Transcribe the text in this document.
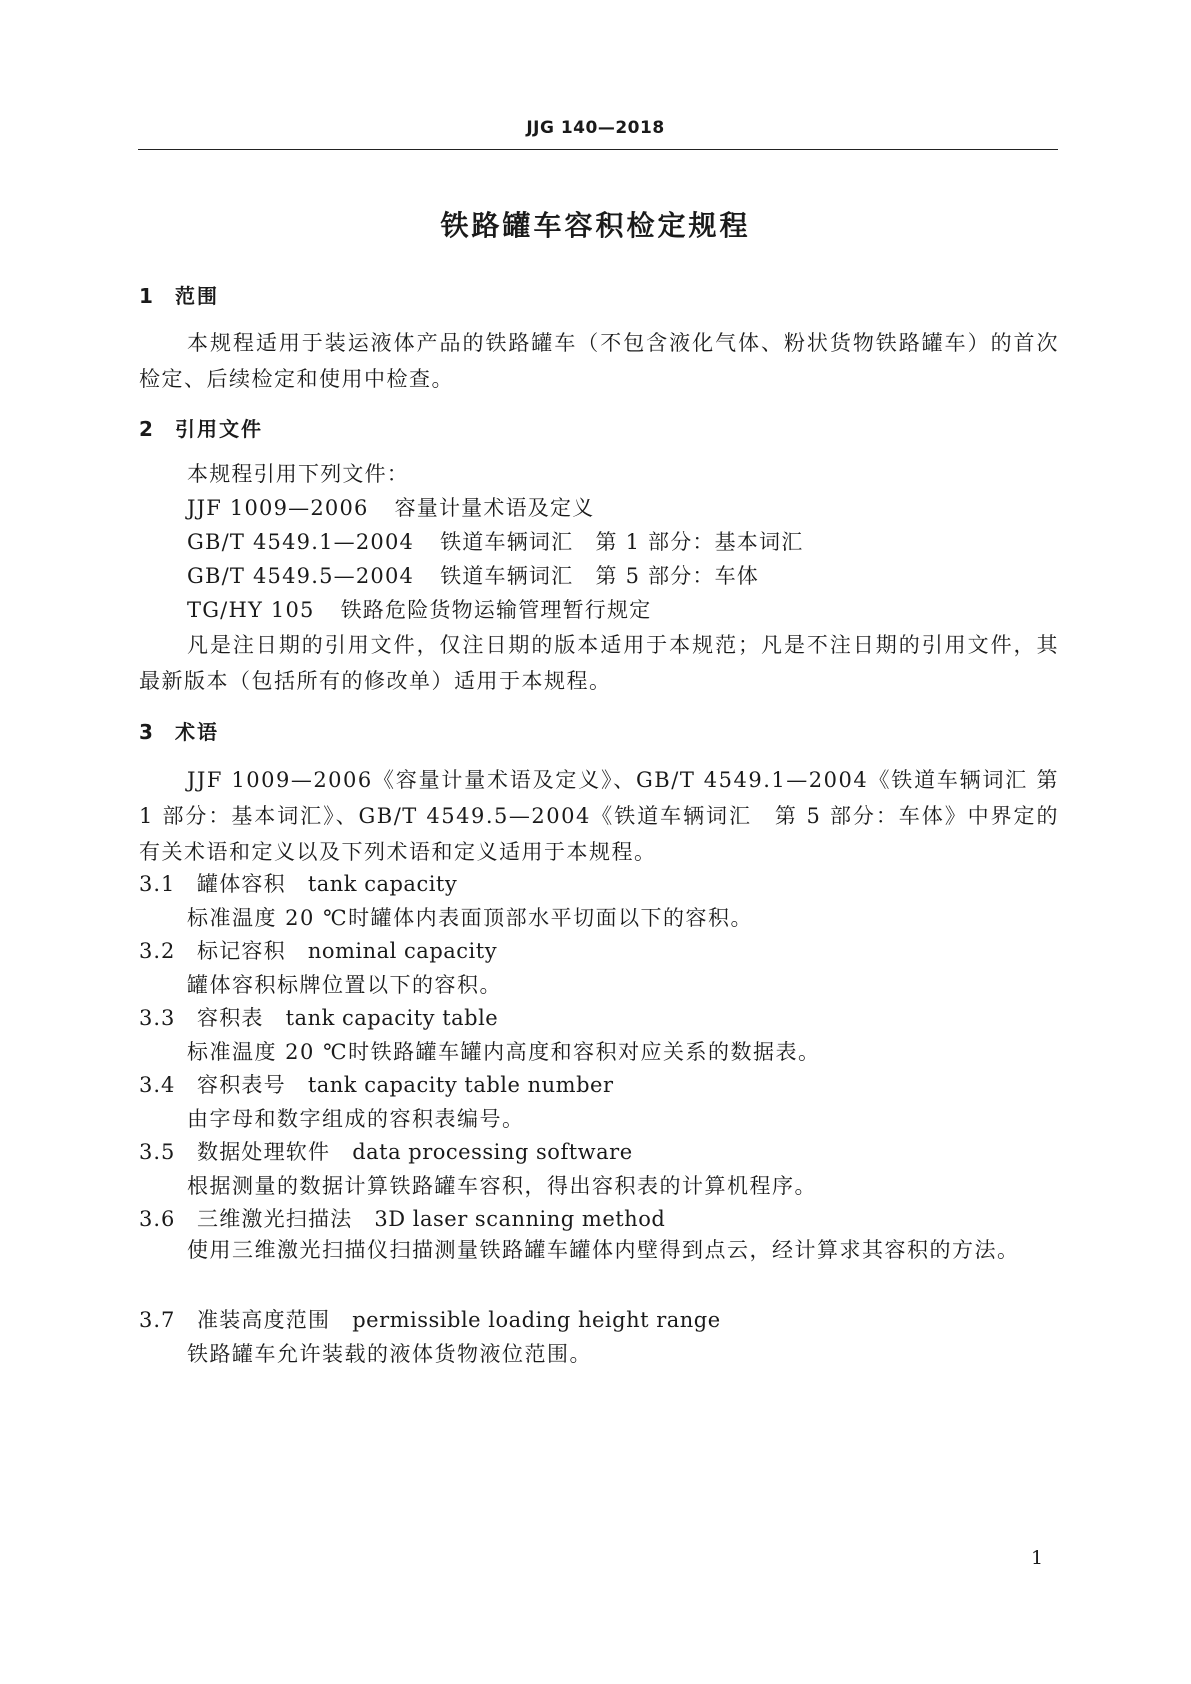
JJG 140—2018
铁路罐车容积检定规程
1 范围
本规程适用于装运液体产品的铁路罐车（不包含液化气体、粉状货物铁路罐车）的首次检定、后续检定和使用中检查。
2 引用文件
本规程引用下列文件：
JJF 1009—2006 容量计量术语及定义
GB/T 4549.1—2004 铁道车辆词汇　第 1 部分：基本词汇
GB/T 4549.5—2004 铁道车辆词汇　第 5 部分：车体
TG/HY 105 铁路危险货物运输管理暂行规定
凡是注日期的引用文件，仅注日期的版本适用于本规范；凡是不注日期的引用文件，其最新版本（包括所有的修改单）适用于本规程。
3 术语
JJF 1009—2006《容量计量术语及定义》、GB/T 4549.1—2004《铁道车辆词汇 第 1 部分：基本词汇》、GB/T 4549.5—2004《铁道车辆词汇　第 5 部分：车体》中界定的有关术语和定义以及下列术语和定义适用于本规程。
3.1 罐体容积 tank capacity
标准温度 20 ℃时罐体内表面顶部水平切面以下的容积。
3.2 标记容积 nominal capacity
罐体容积标牌位置以下的容积。
3.3 容积表 tank capacity table
标准温度 20 ℃时铁路罐车罐内高度和容积对应关系的数据表。
3.4 容积表号 tank capacity table number
由字母和数字组成的容积表编号。
3.5 数据处理软件 data processing software
根据测量的数据计算铁路罐车容积，得出容积表的计算机程序。
3.6 三维激光扫描法 3D laser scanning method
使用三维激光扫描仪扫描测量铁路罐车罐体内壁得到点云，经计算求其容积的方法。
3.7 准装高度范围 permissible loading height range
铁路罐车允许装载的液体货物液位范围。
1
